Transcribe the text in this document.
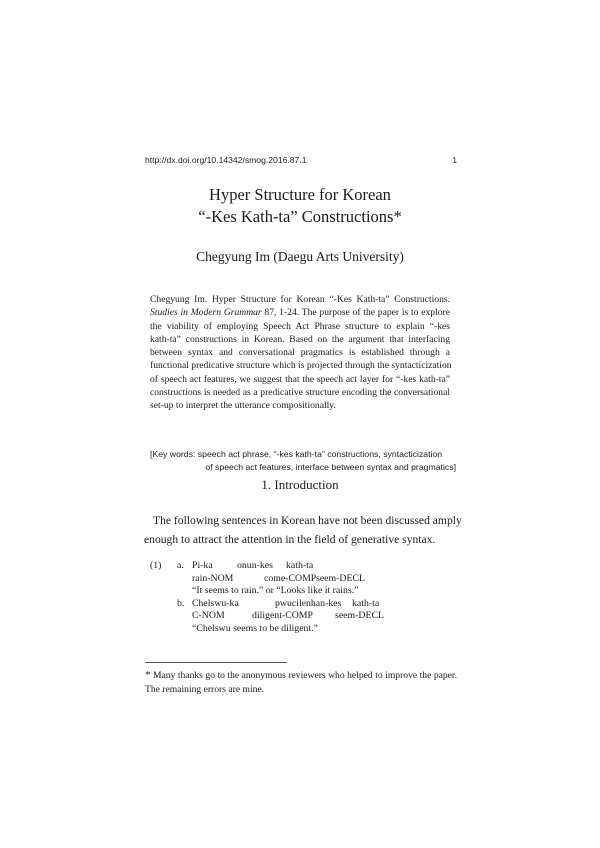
http://dx.doi.org/10.14342/smog.2016.87.1	1
Hyper Structure for Korean
“-Kes Kath-ta” Constructions*
Chegyung Im (Daegu Arts University)
Chegyung Im. Hyper Structure for Korean “-Kes Kath-ta” Constructions.
Studies in Modern Grammar 87, 1-24. The purpose of the paper is to explore
the viability of employing Speech Act Phrase structure to explain “-kes
kath-ta” constructions in Korean. Based on the argument that interfacing
between syntax and conversational pragmatics is established through a
functional predicative structure which is projected through the syntacticization
of speech act features, we suggest that the speech act layer for “-kes kath-ta”
constructions is needed as a predicative structure encoding the conversational
set-up to interpret the utterance compositionally.
[Key words: speech act phrase, “-kes kath-ta” constructions, syntacticization
of speech act features, interface between syntax and pragmatics]
1. Introduction
The following sentences in Korean have not been discussed amply
enough to attract the attention in the field of generative syntax.
(1)	a. Pi-ka	onun-kes	kath-ta
rain-NOM	come-COMP seem-DECL
“It seems to rain.” or “Looks like it rains.”
b. Chelswu-ka	pwucilenhan-kes	kath-ta
C-NOM	diligent-COMP	seem-DECL
“Chelswu seems to be diligent.”
* Many thanks go to the anonymous reviewers who helped to improve the paper.
The remaining errors are mine.
